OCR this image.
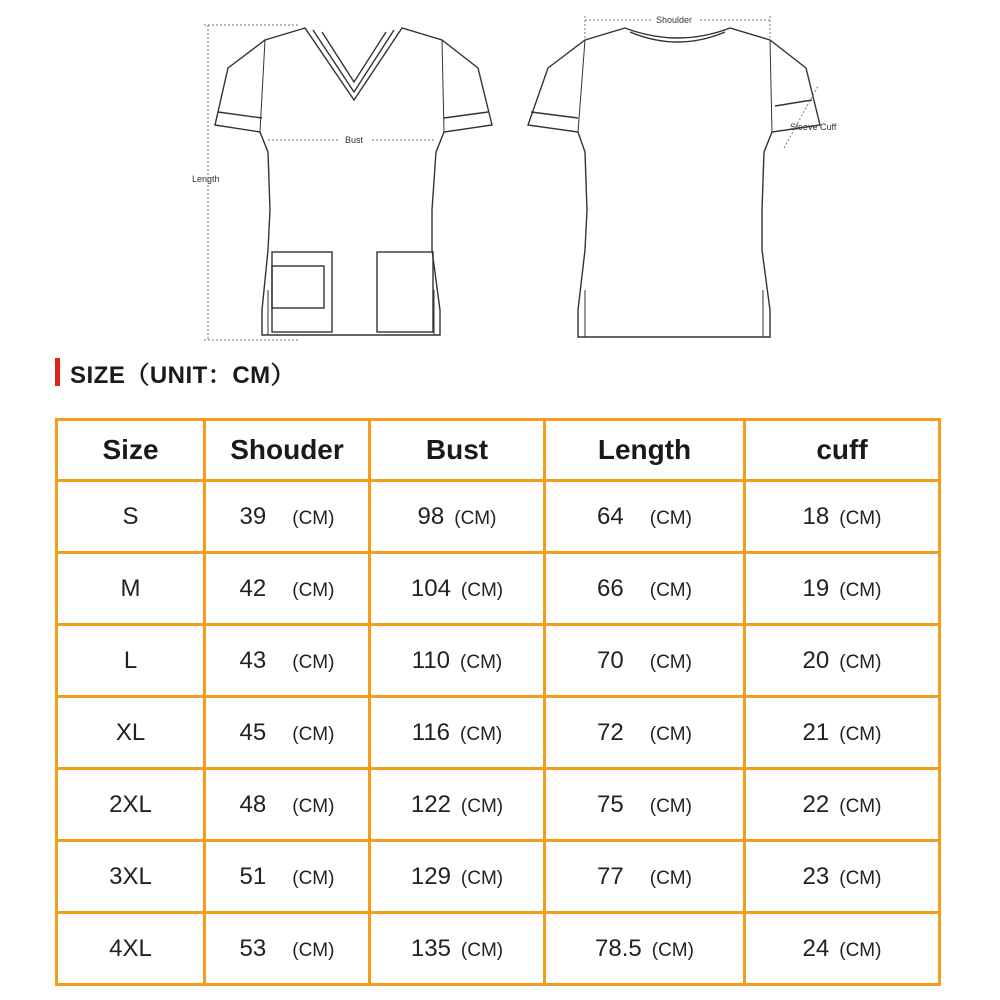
Length
Bust
Shoulder
Sleeve Cuff
SIZE（UNIT：CM）
Size	Shouder	Bust	Length	cuff
S	39 (CM)	98 (CM)	64 (CM)	18 (CM)
M	42 (CM)	104 (CM)	66 (CM)	19 (CM)
L	43 (CM)	110 (CM)	70 (CM)	20 (CM)
XL	45 (CM)	116 (CM)	72 (CM)	21 (CM)
2XL	48 (CM)	122 (CM)	75 (CM)	22 (CM)
3XL	51 (CM)	129 (CM)	77 (CM)	23 (CM)
4XL	53 (CM)	135 (CM)	78.5 (CM)	24 (CM)
